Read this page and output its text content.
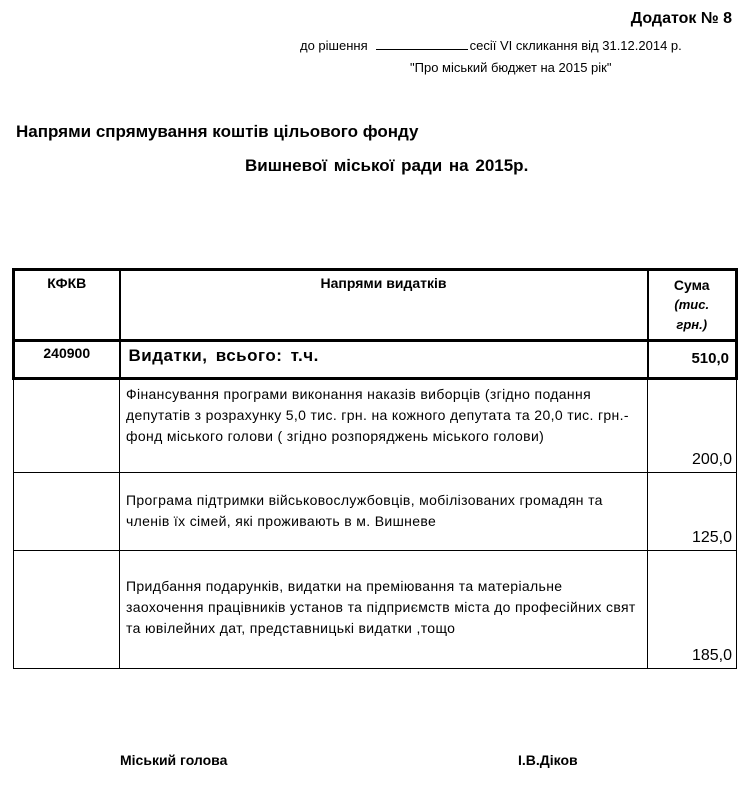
Додаток № 8
до рішення	сесії VI скликання від 31.12.2014 р.
"Про міський бюджет на 2015 рік"
Напрями спрямування коштів цільового фонду
Вишневої міської ради на 2015р.
КФКВ	Напрями видатків	Сума
(тис.
грн.)

240900	Видатки, всього: т.ч.	510,0
	Фінансування програми виконання наказів виборців (згідно подання депутатів з розрахунку 5,0 тис. грн. на кожного депутата та 20,0 тис. грн.- фонд міського голови ( згідно розпоряджень міського голови)	200,0
	Програма підтримки військовослужбовців, мобілізованих громадян та членів їх сімей, які проживають в м. Вишневе	125,0
	Придбання подарунків, видатки на преміювання та матеріальне заохочення працівників установ та підприємств міста до професійних свят та ювілейних дат, представницькі видатки ,тощо	185,0
Міський голова	І.В.Діков
